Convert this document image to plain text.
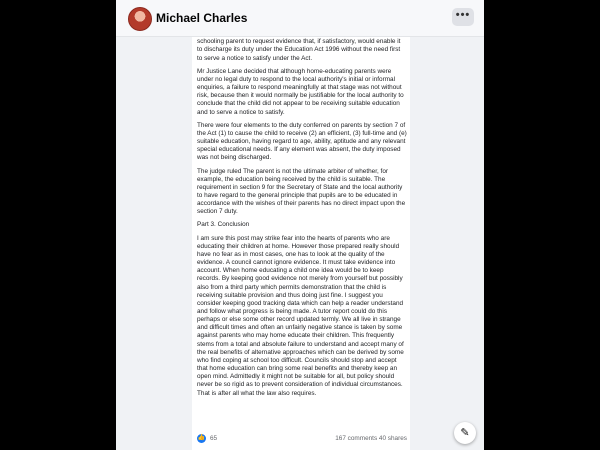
Michael Charles	•••

schooling parent to request evidence that, if satisfactory, would enable it to discharge its duty under the Education Act 1996 without the need first to serve a notice to satisfy under the Act.

Mr Justice Lane decided that although home-educating parents were under no legal duty to respond to the local authority's initial or informal enquiries, a failure to respond meaningfully at that stage was not without risk, because then it would normally be justifiable for the local authority to conclude that the child did not appear to be receiving suitable education and to serve a notice to satisfy.

There were four elements to the duty conferred on parents by section 7 of the Act (1) to cause the child to receive (2) an efficient, (3) full-time and (e) suitable education, having regard to age, ability, aptitude and any relevant special educational needs. If any element was absent, the duty imposed was not being discharged.

The judge ruled The parent is not the ultimate arbiter of whether, for example, the education being received by the child is suitable. The requirement in section 9 for the Secretary of State and the local authority to have regard to the general principle that pupils are to be educated in accordance with the wishes of their parents has no direct impact upon the section 7 duty.

Part 3. Conclusion

I am sure this post may strike fear into the hearts of parents who are educating their children at home. However those prepared really should have no fear as in most cases, one has to look at the quality of the evidence. A council cannot ignore evidence. It must take evidence into account. When home educating a child one idea would be to keep records. By keeping good evidence not merely from yourself but possibly also from a third party which permits demonstration that the child is receiving suitable provision and thus doing just fine. I suggest you consider keeping good tracking data which can help a reader understand and follow what progress is being made. A tutor report could do this perhaps or else some other record updated termly. We all live in strange and difficult times and often an unfairly negative stance is taken by some against parents who may home educate their children. This frequently stems from a total and absolute failure to understand and accept many of the real benefits of alternative approaches which can be derived by some who find coping at school too difficult. Councils should stop and accept that home education can bring some real benefits and thereby keep an open mind. Admittedly it might not be suitable for all, but policy should never be so rigid as to prevent consideration of individual circumstances. That is after all what the law also requires.

👍 65	167 comments 40 shares	✎
